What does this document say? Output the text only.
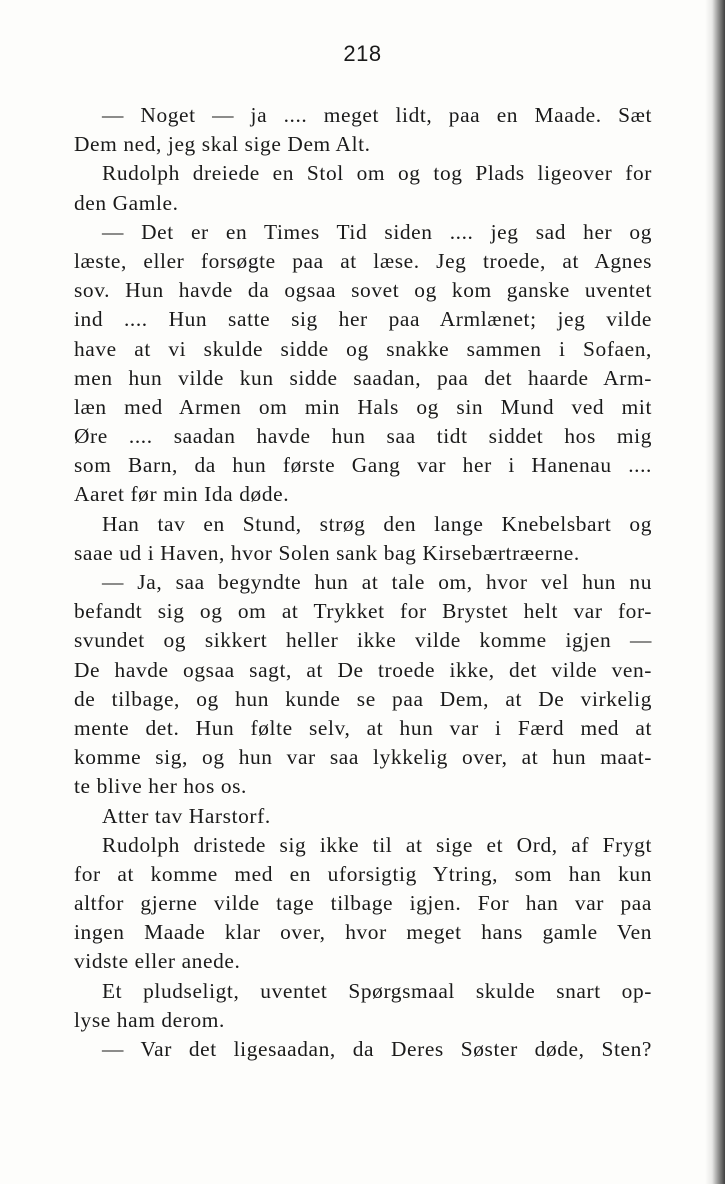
218
— Noget — ja .... meget lidt, paa en Maade. Sæt
Dem ned, jeg skal sige Dem Alt.
Rudolph dreiede en Stol om og tog Plads ligeover for
den Gamle.
— Det er en Times Tid siden .... jeg sad her og
læste, eller forsøgte paa at læse. Jeg troede, at Agnes
sov. Hun havde da ogsaa sovet og kom ganske uventet
ind .... Hun satte sig her paa Armlænet; jeg vilde
have at vi skulde sidde og snakke sammen i Sofaen,
men hun vilde kun sidde saadan, paa det haarde Arm-
læn med Armen om min Hals og sin Mund ved mit
Øre .... saadan havde hun saa tidt siddet hos mig
som Barn, da hun første Gang var her i Hanenau ....
Aaret før min Ida døde.
Han tav en Stund, strøg den lange Knebelsbart og
saae ud i Haven, hvor Solen sank bag Kirsebærtræerne.
— Ja, saa begyndte hun at tale om, hvor vel hun nu
befandt sig og om at Trykket for Brystet helt var for-
svundet og sikkert heller ikke vilde komme igjen —
De havde ogsaa sagt, at De troede ikke, det vilde ven-
de tilbage, og hun kunde se paa Dem, at De virkelig
mente det. Hun følte selv, at hun var i Færd med at
komme sig, og hun var saa lykkelig over, at hun maat-
te blive her hos os.
Atter tav Harstorf.
Rudolph dristede sig ikke til at sige et Ord, af Frygt
for at komme med en uforsigtig Ytring, som han kun
altfor gjerne vilde tage tilbage igjen. For han var paa
ingen Maade klar over, hvor meget hans gamle Ven
vidste eller anede.
Et pludseligt, uventet Spørgsmaal skulde snart op-
lyse ham derom.
— Var det ligesaadan, da Deres Søster døde, Sten?
